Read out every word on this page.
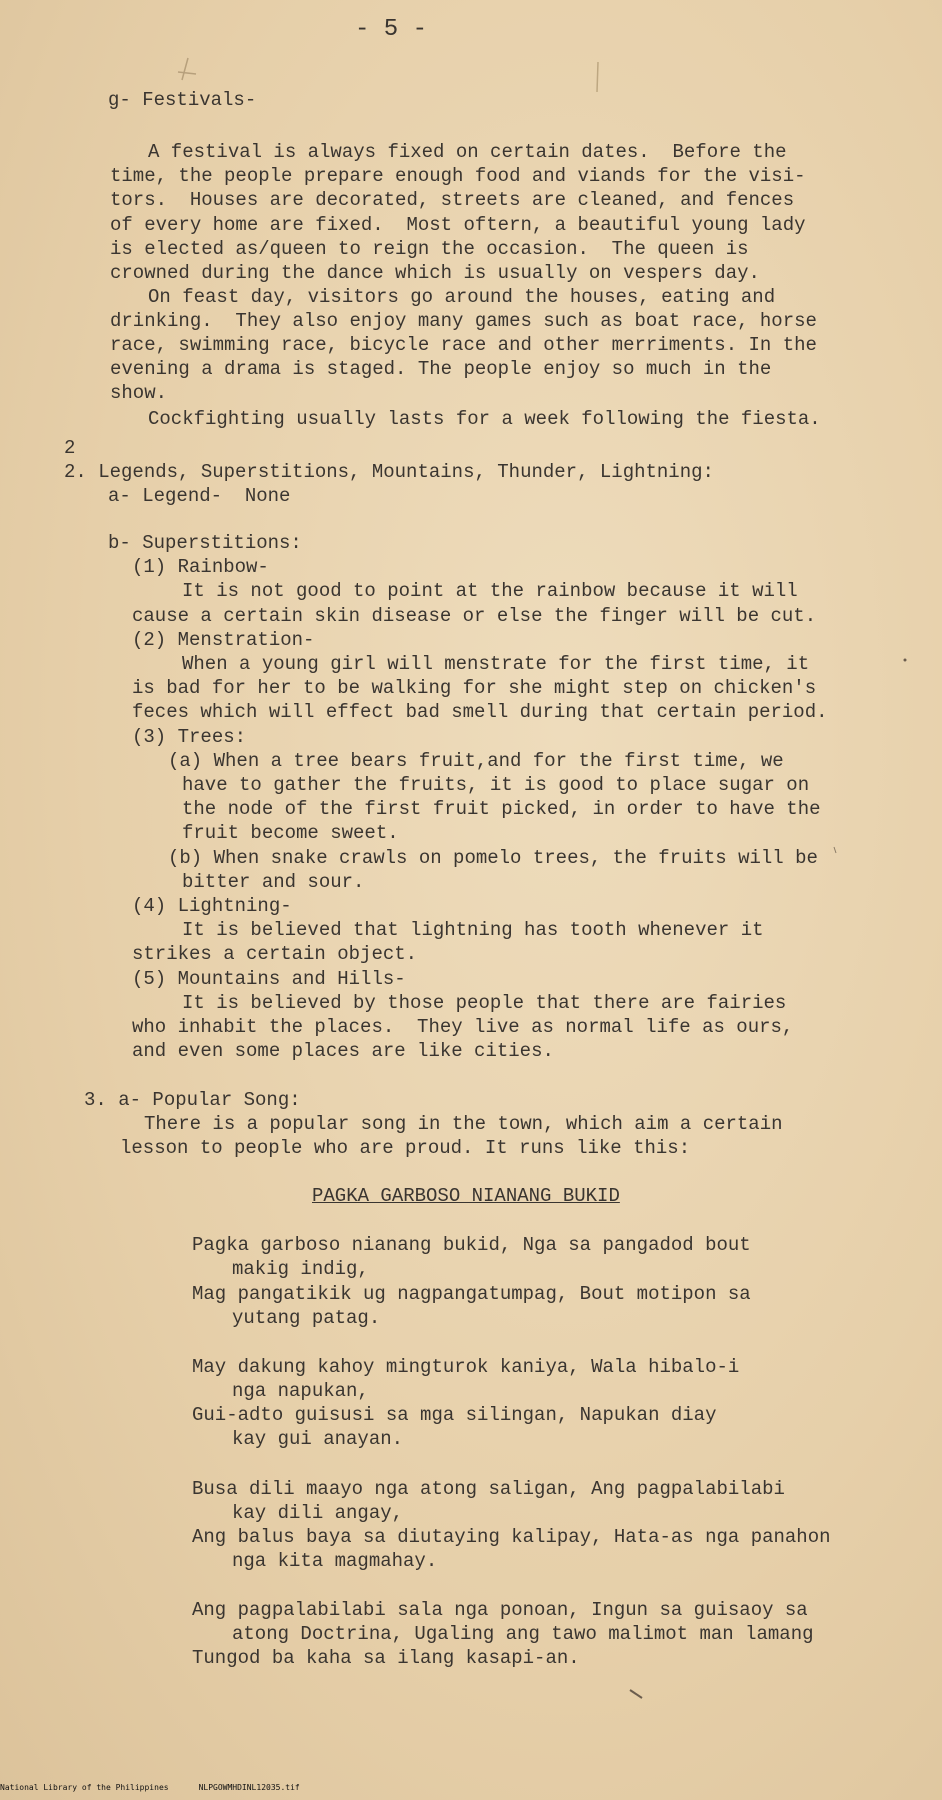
- 5 -
g- Festivals-
A festival is always fixed on certain dates.  Before the
time, the people prepare enough food and viands for the visi-
tors.  Houses are decorated, streets are cleaned, and fences
of every home are fixed.  Most oftern, a beautiful young lady
is elected as/queen to reign the occasion.  The queen is
crowned during the dance which is usually on vespers day.
On feast day, visitors go around the houses, eating and
drinking.  They also enjoy many games such as boat race, horse
race, swimming race, bicycle race and other merriments. In the
evening a drama is staged. The people enjoy so much in the
show.
Cockfighting usually lasts for a week following the fiesta.
2
2. Legends, Superstitions, Mountains, Thunder, Lightning:
a- Legend-  None
b- Superstitions:
(1) Rainbow-
It is not good to point at the rainbow because it will
cause a certain skin disease or else the finger will be cut.
(2) Menstration-
When a young girl will menstrate for the first time, it
is bad for her to be walking for she might step on chicken's
feces which will effect bad smell during that certain period.
(3) Trees:
(a) When a tree bears fruit,and for the first time, we
have to gather the fruits, it is good to place sugar on
the node of the first fruit picked, in order to have the
fruit become sweet.
(b) When snake crawls on pomelo trees, the fruits will be
bitter and sour.
(4) Lightning-
It is believed that lightning has tooth whenever it
strikes a certain object.
(5) Mountains and Hills-
It is believed by those people that there are fairies
who inhabit the places.  They live as normal life as ours,
and even some places are like cities.
3. a- Popular Song:
There is a popular song in the town, which aim a certain
lesson to people who are proud. It runs like this:
PAGKA GARBOSO NIANANG BUKID
Pagka garboso nianang bukid, Nga sa pangadod bout
makig indig,
Mag pangatikik ug nagpangatumpag, Bout motipon sa
yutang patag.
May dakung kahoy mingturok kaniya, Wala hibalo-i
nga napukan,
Gui-adto guisusi sa mga silingan, Napukan diay
kay gui anayan.
Busa dili maayo nga atong saligan, Ang pagpalabilabi
kay dili angay,
Ang balus baya sa diutaying kalipay, Hata-as nga panahon
nga kita magmahay.
Ang pagpalabilabi sala nga ponoan, Ingun sa guisaoy sa
atong Doctrina, Ugaling ang tawo malimot man lamang
Tungod ba kaha sa ilang kasapi-an.
National Library of the Philippines	NLPGOWMHDINL12035.tif
